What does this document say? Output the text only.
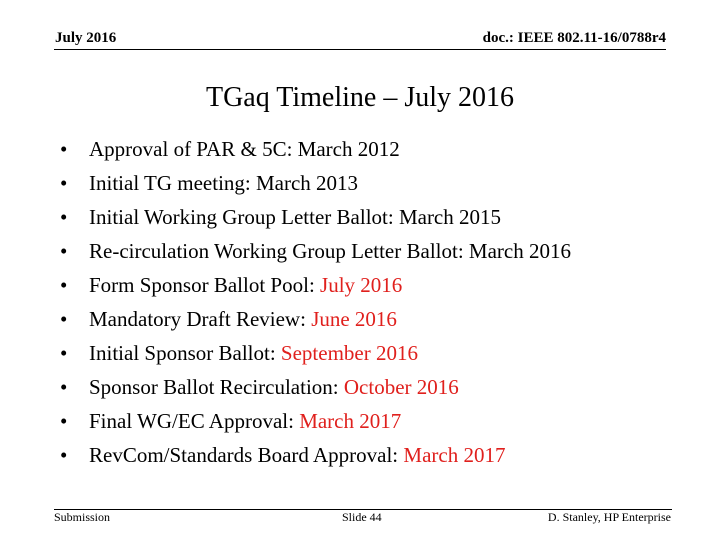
July 2016	doc.: IEEE 802.11-16/0788r4
TGaq Timeline – July 2016
• Approval of PAR & 5C: March 2012
• Initial TG meeting: March 2013
• Initial Working Group Letter Ballot: March 2015
• Re-circulation Working Group Letter Ballot: March 2016
• Form Sponsor Ballot Pool: July 2016
• Mandatory Draft Review: June 2016
• Initial Sponsor Ballot: September 2016
• Sponsor Ballot Recirculation: October 2016
• Final WG/EC Approval: March 2017
• RevCom/Standards Board Approval: March 2017
Submission	Slide 44	D. Stanley, HP Enterprise
